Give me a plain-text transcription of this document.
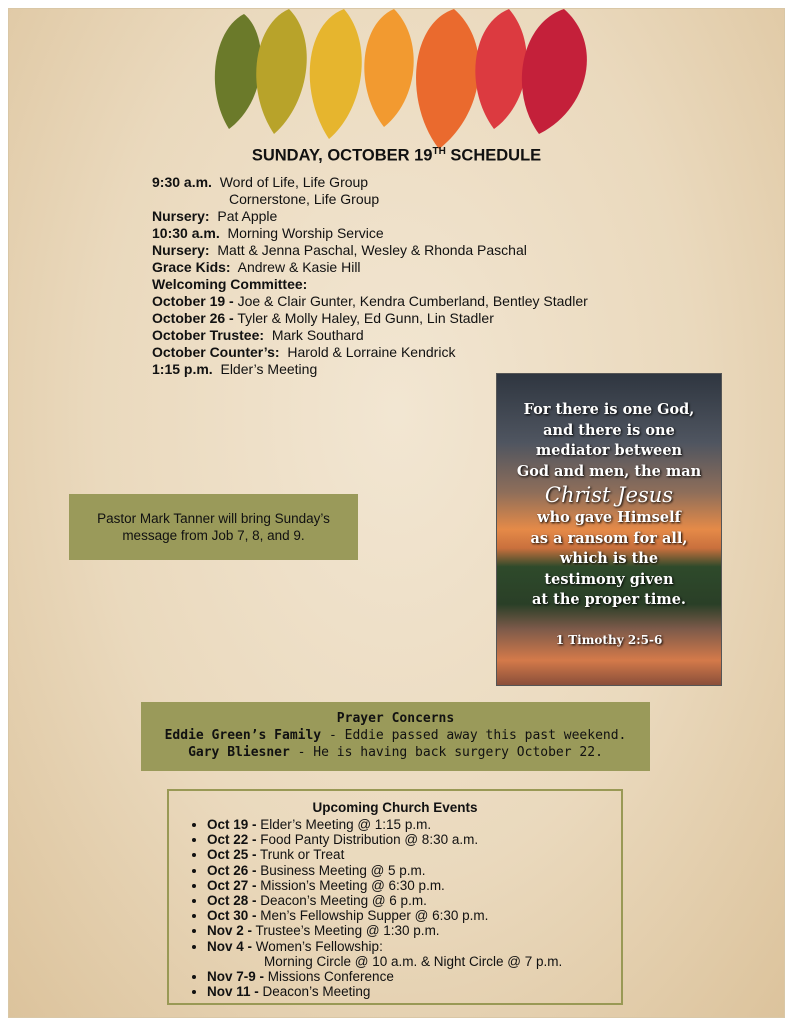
SUNDAY, OCTOBER 19TH SCHEDULE
9:30 a.m. Word of Life, Life Group
Cornerstone, Life Group
Nursery: Pat Apple
10:30 a.m. Morning Worship Service
Nursery: Matt & Jenna Paschal, Wesley & Rhonda Paschal
Grace Kids: Andrew & Kasie Hill
Welcoming Committee:
October 19 - Joe & Clair Gunter, Kendra Cumberland, Bentley Stadler
October 26 - Tyler & Molly Haley, Ed Gunn, Lin Stadler
October Trustee: Mark Southard
October Counter’s: Harold & Lorraine Kendrick
1:15 p.m. Elder’s Meeting
Pastor Mark Tanner will bring Sunday’s message from Job 7, 8, and 9.
For there is one God,
and there is one
mediator between
God and men, the man
Christ Jesus
who gave Himself
as a ransom for all,
which is the
testimony given
at the proper time.
1 Timothy 2:5-6
Prayer Concerns
Eddie Green’s Family - Eddie passed away this past weekend.
Gary Bliesner - He is having back surgery October 22.
Upcoming Church Events
• Oct 19 - Elder’s Meeting @ 1:15 p.m.
• Oct 22 - Food Panty Distribution @ 8:30 a.m.
• Oct 25 - Trunk or Treat
• Oct 26 - Business Meeting @ 5 p.m.
• Oct 27 - Mission’s Meeting @ 6:30 p.m.
• Oct 28 - Deacon’s Meeting @ 6 p.m.
• Oct 30 - Men’s Fellowship Supper @ 6:30 p.m.
• Nov 2 - Trustee’s Meeting @ 1:30 p.m.
• Nov 4 - Women’s Fellowship:
Morning Circle @ 10 a.m. & Night Circle @ 7 p.m.
• Nov 7-9 - Missions Conference
• Nov 11 - Deacon’s Meeting
